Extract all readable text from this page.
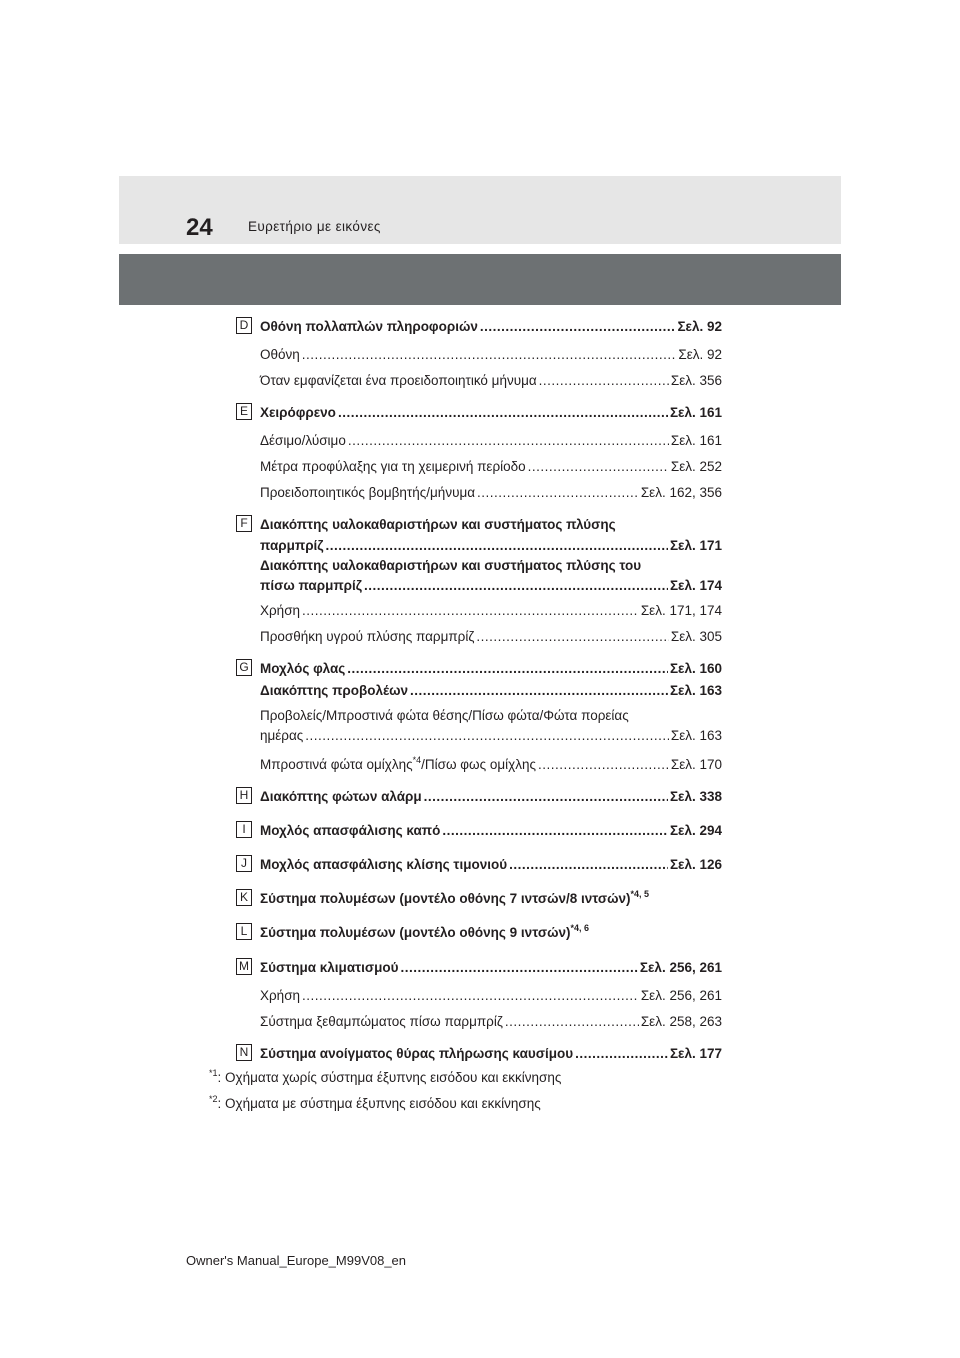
24	Ευρετήριο με εικόνες
D Οθόνη πολλαπλών πληροφοριών .....	Σελ. 92
Οθόνη .....	Σελ. 92
Όταν εμφανίζεται ένα προειδοποιητικό μήνυμα .....	Σελ. 356
E Χειρόφρενο .....	Σελ. 161
Δέσιμο/λύσιμο .....	Σελ. 161
Μέτρα προφύλαξης για τη χειμερινή περίοδο .....	Σελ. 252
Προειδοποιητικός βομβητής/μήνυμα .....	Σελ. 162, 356
F Διακόπτης υαλοκαθαριστήρων και συστήματος πλύσης
παρμπρίζ .....	Σελ. 171
Διακόπτης υαλοκαθαριστήρων και συστήματος πλύσης του
πίσω παρμπρίζ .....	Σελ. 174
Χρήση .....	Σελ. 171, 174
Προσθήκη υγρού πλύσης παρμπρίζ .....	Σελ. 305
G Μοχλός φλας .....	Σελ. 160
Διακόπτης προβολέων .....	Σελ. 163
Προβολείς/Μπροστινά φώτα θέσης/Πίσω φώτα/Φώτα πορείας
ημέρας .....	Σελ. 163
Μπροστινά φώτα ομίχλης$^{*4}$/Πίσω φως ομίχλης .....	Σελ. 170
H Διακόπτης φώτων αλάρμ .....	Σελ. 338
I	Μοχλός απασφάλισης καπό .....	Σελ. 294
J Μοχλός απασφάλισης κλίσης τιμονιού .....	Σελ. 126
K Σύστημα πολυμέσων (μοντέλο οθόνης 7 ιντσών/8 ιντσών)$^{*4, 5}$
L Σύστημα πολυμέσων (μοντέλο οθόνης 9 ιντσών)$^{*4, 6}$
M Σύστημα κλιματισμού .....	Σελ. 256, 261
Χρήση .....	Σελ. 256, 261
Σύστημα ξεθαμπώματος πίσω παρμπρίζ .....	Σελ. 258, 263
N Σύστημα ανοίγματος θύρας πλήρωσης καυσίμου .....	Σελ. 177
$^{*1}$: Οχήματα χωρίς σύστημα έξυπνης εισόδου και εκκίνησης
$^{*2}$: Οχήματα με σύστημα έξυπνης εισόδου και εκκίνησης
Owner's Manual_Europe_M99V08_en
